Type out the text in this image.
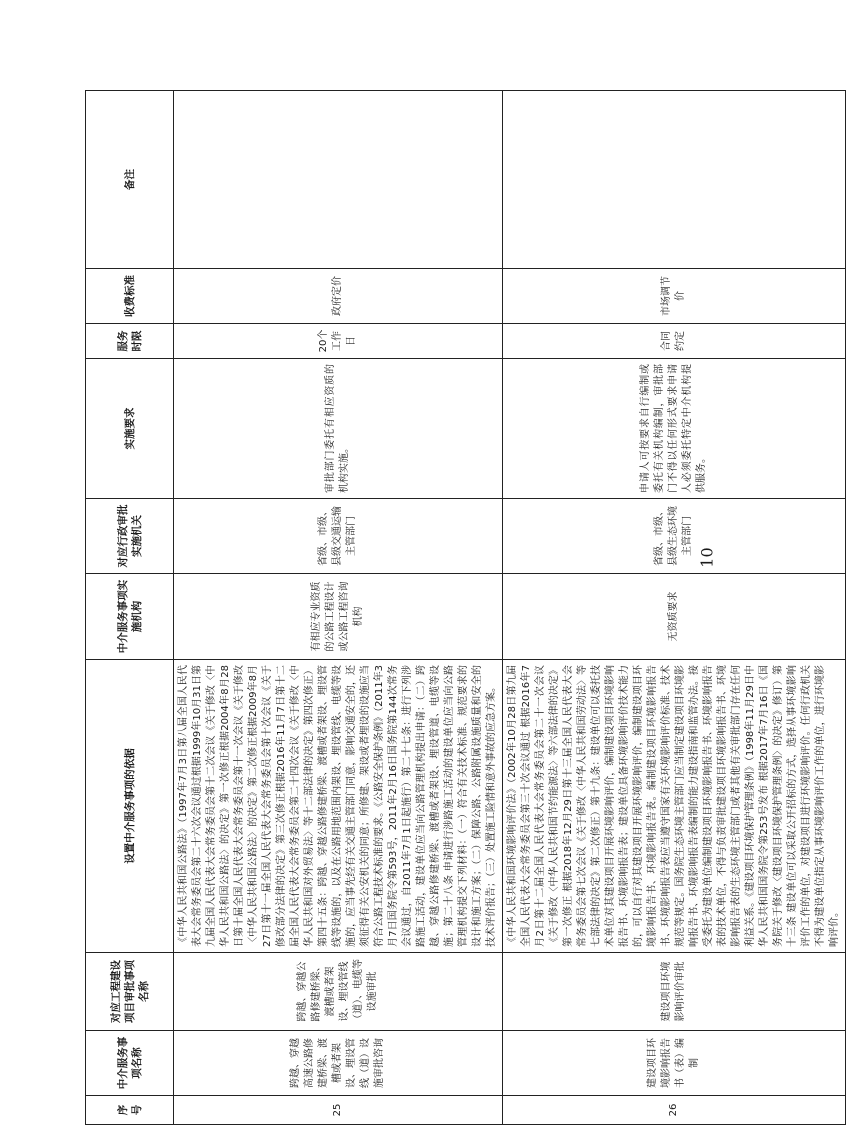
序号	中介服务事项名称	对应工程建设项目审批事项名称	设置中介服务事项的依据	中介服务事项实施机构	对应行政审批实施机关	实施要求	服务时限	收费标准	备注
25	跨越、穿越高速公路修建桥梁、渡槽或者架设、埋设管线（道）设施审批咨询	跨越、穿越公路修建桥梁、渡槽或者架设、埋设管线（道）、电缆等设施审批	《中华人民共和国公路法》（1997年7月3日第八届全国人民代表大会常务委员会第二十六次会议通过根据1999年10月31日第九届全国人民代表大会常务委员会第十二次会议《关于修改〈中华人民共和国公路法〉的决定》第一次修正根据2004年8月28日第十届全国人民代表大会常务委员会第十一次会议《关于修改〈中华人民共和国公路法〉的决定》第二次修正根据2009年8月27日第十一届全国人民代表大会常务委员会第十次会议《关于修改部分法律的决定》第三次修正根据2016年11月7日第十二届全国人民代表大会常务委员会第二十四次会议《关于修改〈中华人民共和国对外贸易法〉等十二部法律的决定》第四次修正）第四十五条：跨越、穿越公路修建桥梁、渡槽或者架设、埋设管线等设施的，以及在公路用地范围内架设、埋设管线、电缆等设施的，应当事先经有关交通主管部门同意，影响交通安全的，还须征得有关公安机关的同意；所修建、架设或者埋设的设施应当符合公路工程技术标准的要求。《公路安全保护条例》（2011年3月7日国务院令第593号，2011年2月16日国务院第144次常务会议通过，自2011年7月1日起施行）第二十七条：进行下列涉路施工活动，建设单位应当向公路管理机构提出申请：（二）跨越、穿越公路修建桥梁、渡槽或者架设、埋设管道、电缆等设施；第二十八条 申请进行涉路施工活动的建设单位应当向公路管理机构提交下列材料：（一）符合有关技术标准、规范要求的设计和施工方案；（二）保障公路、公路附属设施质量和安全的技术评价报告；（三）处置施工险情和意外事故的应急方案。	有相应专业资质的公路工程设计或公路工程咨询机构	省级、市级、县级交通运输主管部门	审批部门委托有相应资质的机构实施。	20个工作日	政府定价	
26	建设项目环境影响报告书（表）编制	建设项目环境影响评价审批	《中华人民共和国环境影响评价法》（2002年10月28日第九届全国人民代表大会常务委员会第三十次会议通过 根据2016年7月2日第十二届全国人民代表大会常务委员会第二十一次会议《关于修改〈中华人民共和国节约能源法〉等六部法律的决定》第一次修正 根据2018年12月29日第十三届全国人民代表大会常务委员会第七次会议《关于修改〈中华人民共和国劳动法〉等七部法律的决定》第二次修正）第十九条：建设单位可以委托技术单位对其建设项目开展环境影响评价，编制建设项目环境影响报告书、环境影响报告表；建设单位具备环境影响评价技术能力的，可以自行对其建设项目开展环境影响评价，编制建设项目环境影响报告书、环境影响报告表。编制建设项目环境影响报告书、环境影响报告表应当遵守国家有关环境影响评价标准、技术规范等规定。国务院生态环境主管部门应当制定建设项目环境影响报告书、环境影响报告表编制的能力建设指南和监管办法。接受委托为建设单位编制建设项目环境影响报告书、环境影响报告表的技术单位，不得与负责审批建设项目环境影响报告书、环境影响报告表的生态环境主管部门或者其他有关审批部门存在任何利益关系。《建设项目环境保护管理条例》（1998年11月29日中华人民共和国国务院令第253号发布 根据2017年7月16日《国务院关于修改〈建设项目环境保护管理条例〉的决定》修订）第十三条 建设单位可以采取公开招标的方式，选择从事环境影响评价工作的单位，对建设项目进行环境影响评价。任何行政机关不得为建设单位指定从事环境影响评价工作的单位，进行环境影响评价。	无资质要求	省级、市级、县级生态环境主管部门	申请人可按要求自行编制或委托有关机构编制，审批部门不得以任何形式要求申请人必须委托特定中介机构提供服务。	合同约定	市场调节价	
10
